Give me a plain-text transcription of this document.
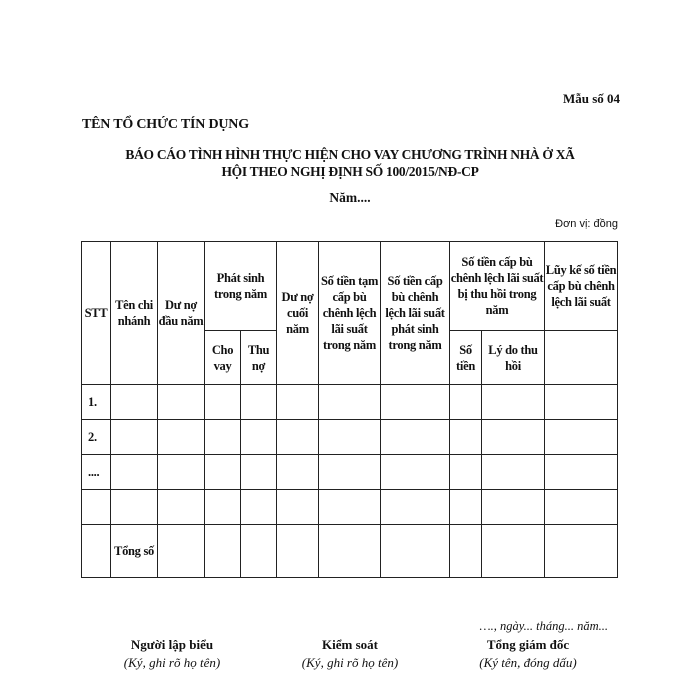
Mẫu số 04
TÊN TỔ CHỨC TÍN DỤNG
BÁO CÁO TÌNH HÌNH THỰC HIỆN CHO VAY CHƯƠNG TRÌNH NHÀ Ở XÃ
HỘI THEO NGHỊ ĐỊNH SỐ 100/2015/NĐ-CP
Năm....
Đơn vị: đồng
STT	Tên chi nhánh	Dư nợ đầu năm	Phát sinh trong năm		Dư nợ cuối năm	Số tiền tạm cấp bù chênh lệch lãi suất trong năm	Số tiền cấp bù chênh lệch lãi suất phát sinh trong năm	Số tiền cấp bù chênh lệch lãi suất bị thu hồi trong năm		Lũy kế số tiền cấp bù chênh lệch lãi suất
			Cho vay	Thu nợ				Số tiền	Lý do thu hồi	
1.										
2.										
....										

	Tổng số									
…., ngày... tháng... năm...
Người lập biểu
(Ký, ghi rõ họ tên)
Kiểm soát
(Ký, ghi rõ họ tên)
Tổng giám đốc
(Ký tên, đóng dấu)
